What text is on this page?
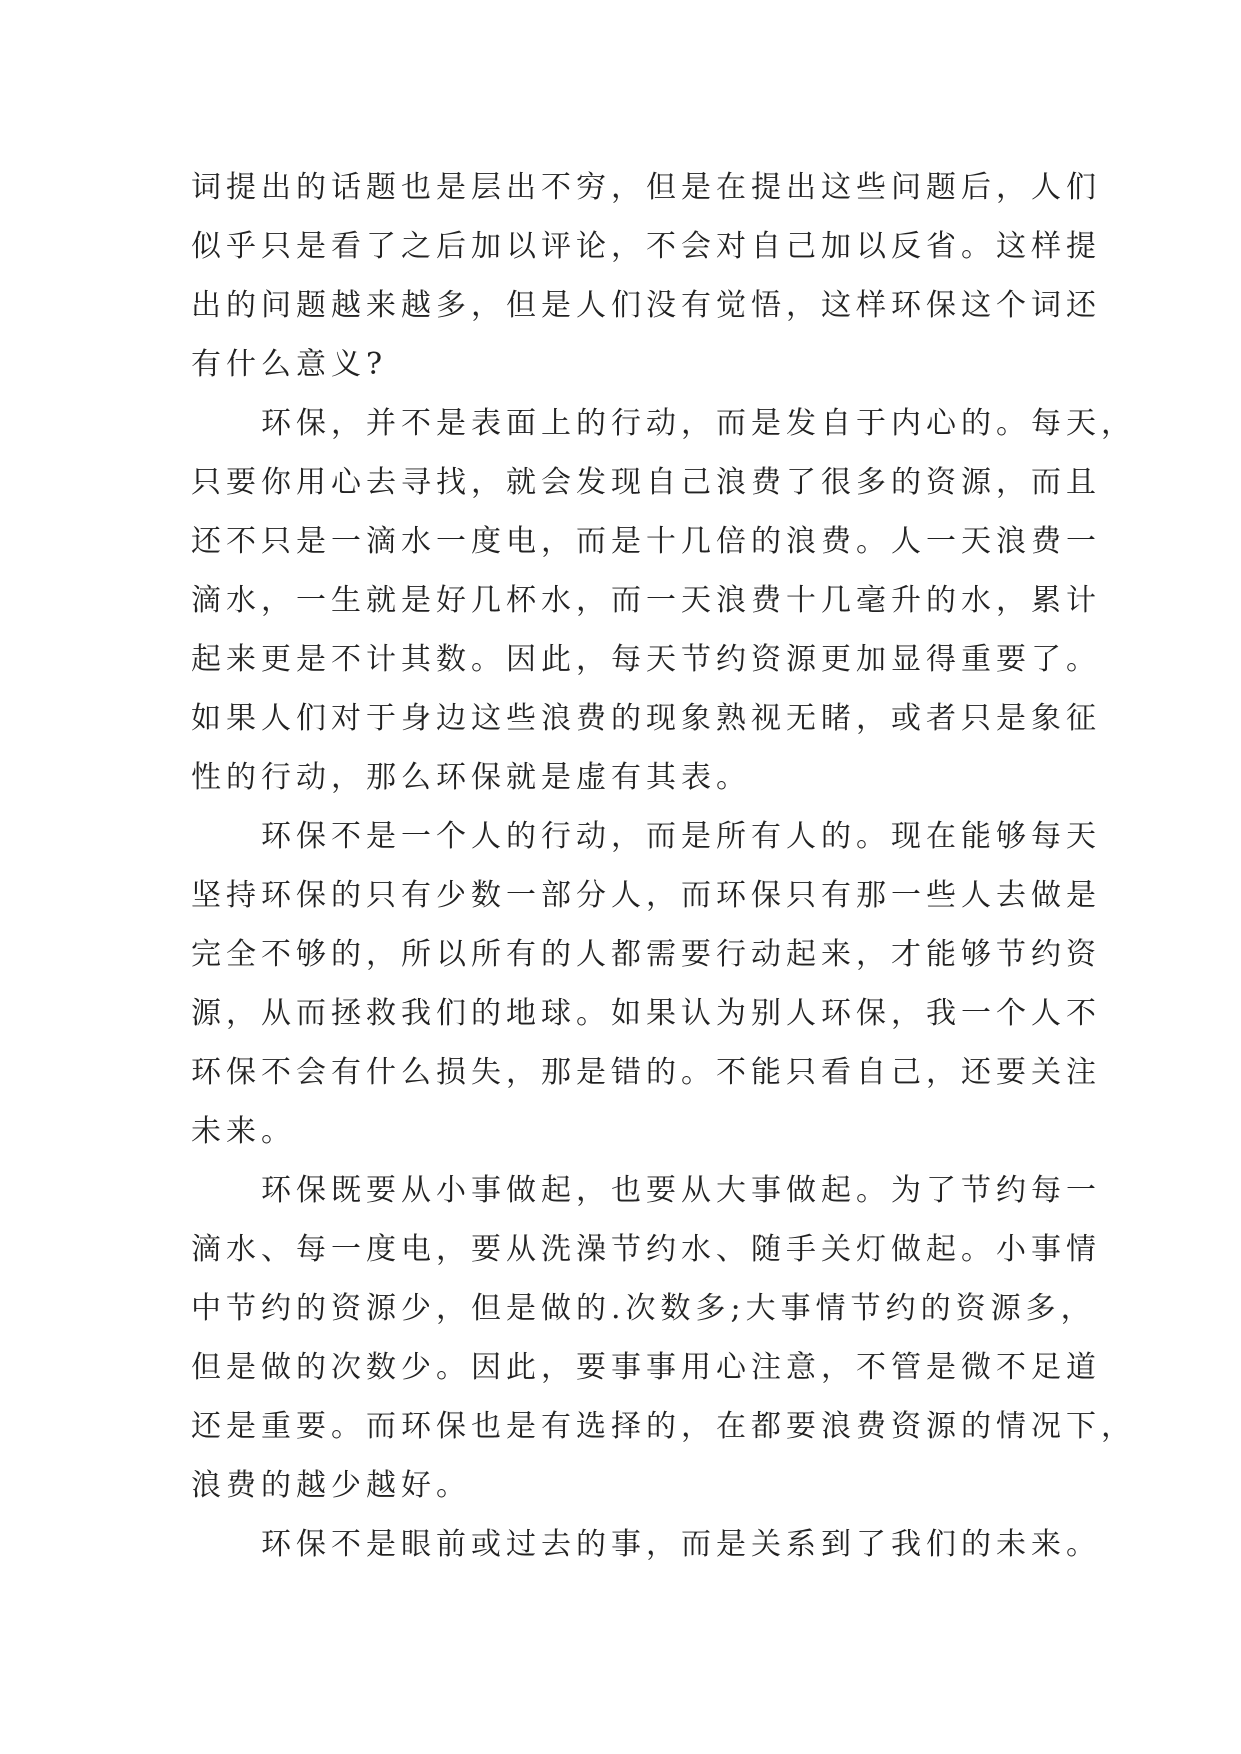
词提出的话题也是层出不穷，但是在提出这些问题后，人们
似乎只是看了之后加以评论，不会对自己加以反省。这样提
出的问题越来越多，但是人们没有觉悟，这样环保这个词还
有什么意义?
环保，并不是表面上的行动，而是发自于内心的。每天，
只要你用心去寻找，就会发现自己浪费了很多的资源，而且
还不只是一滴水一度电，而是十几倍的浪费。人一天浪费一
滴水，一生就是好几杯水，而一天浪费十几毫升的水，累计
起来更是不计其数。因此，每天节约资源更加显得重要了。
如果人们对于身边这些浪费的现象熟视无睹，或者只是象征
性的行动，那么环保就是虚有其表。
环保不是一个人的行动，而是所有人的。现在能够每天
坚持环保的只有少数一部分人，而环保只有那一些人去做是
完全不够的，所以所有的人都需要行动起来，才能够节约资
源，从而拯救我们的地球。如果认为别人环保，我一个人不
环保不会有什么损失，那是错的。不能只看自己，还要关注
未来。
环保既要从小事做起，也要从大事做起。为了节约每一
滴水、每一度电，要从洗澡节约水、随手关灯做起。小事情
中节约的资源少，但是做的.次数多;大事情节约的资源多，
但是做的次数少。因此，要事事用心注意，不管是微不足道
还是重要。而环保也是有选择的，在都要浪费资源的情况下，
浪费的越少越好。
环保不是眼前或过去的事，而是关系到了我们的未来。
